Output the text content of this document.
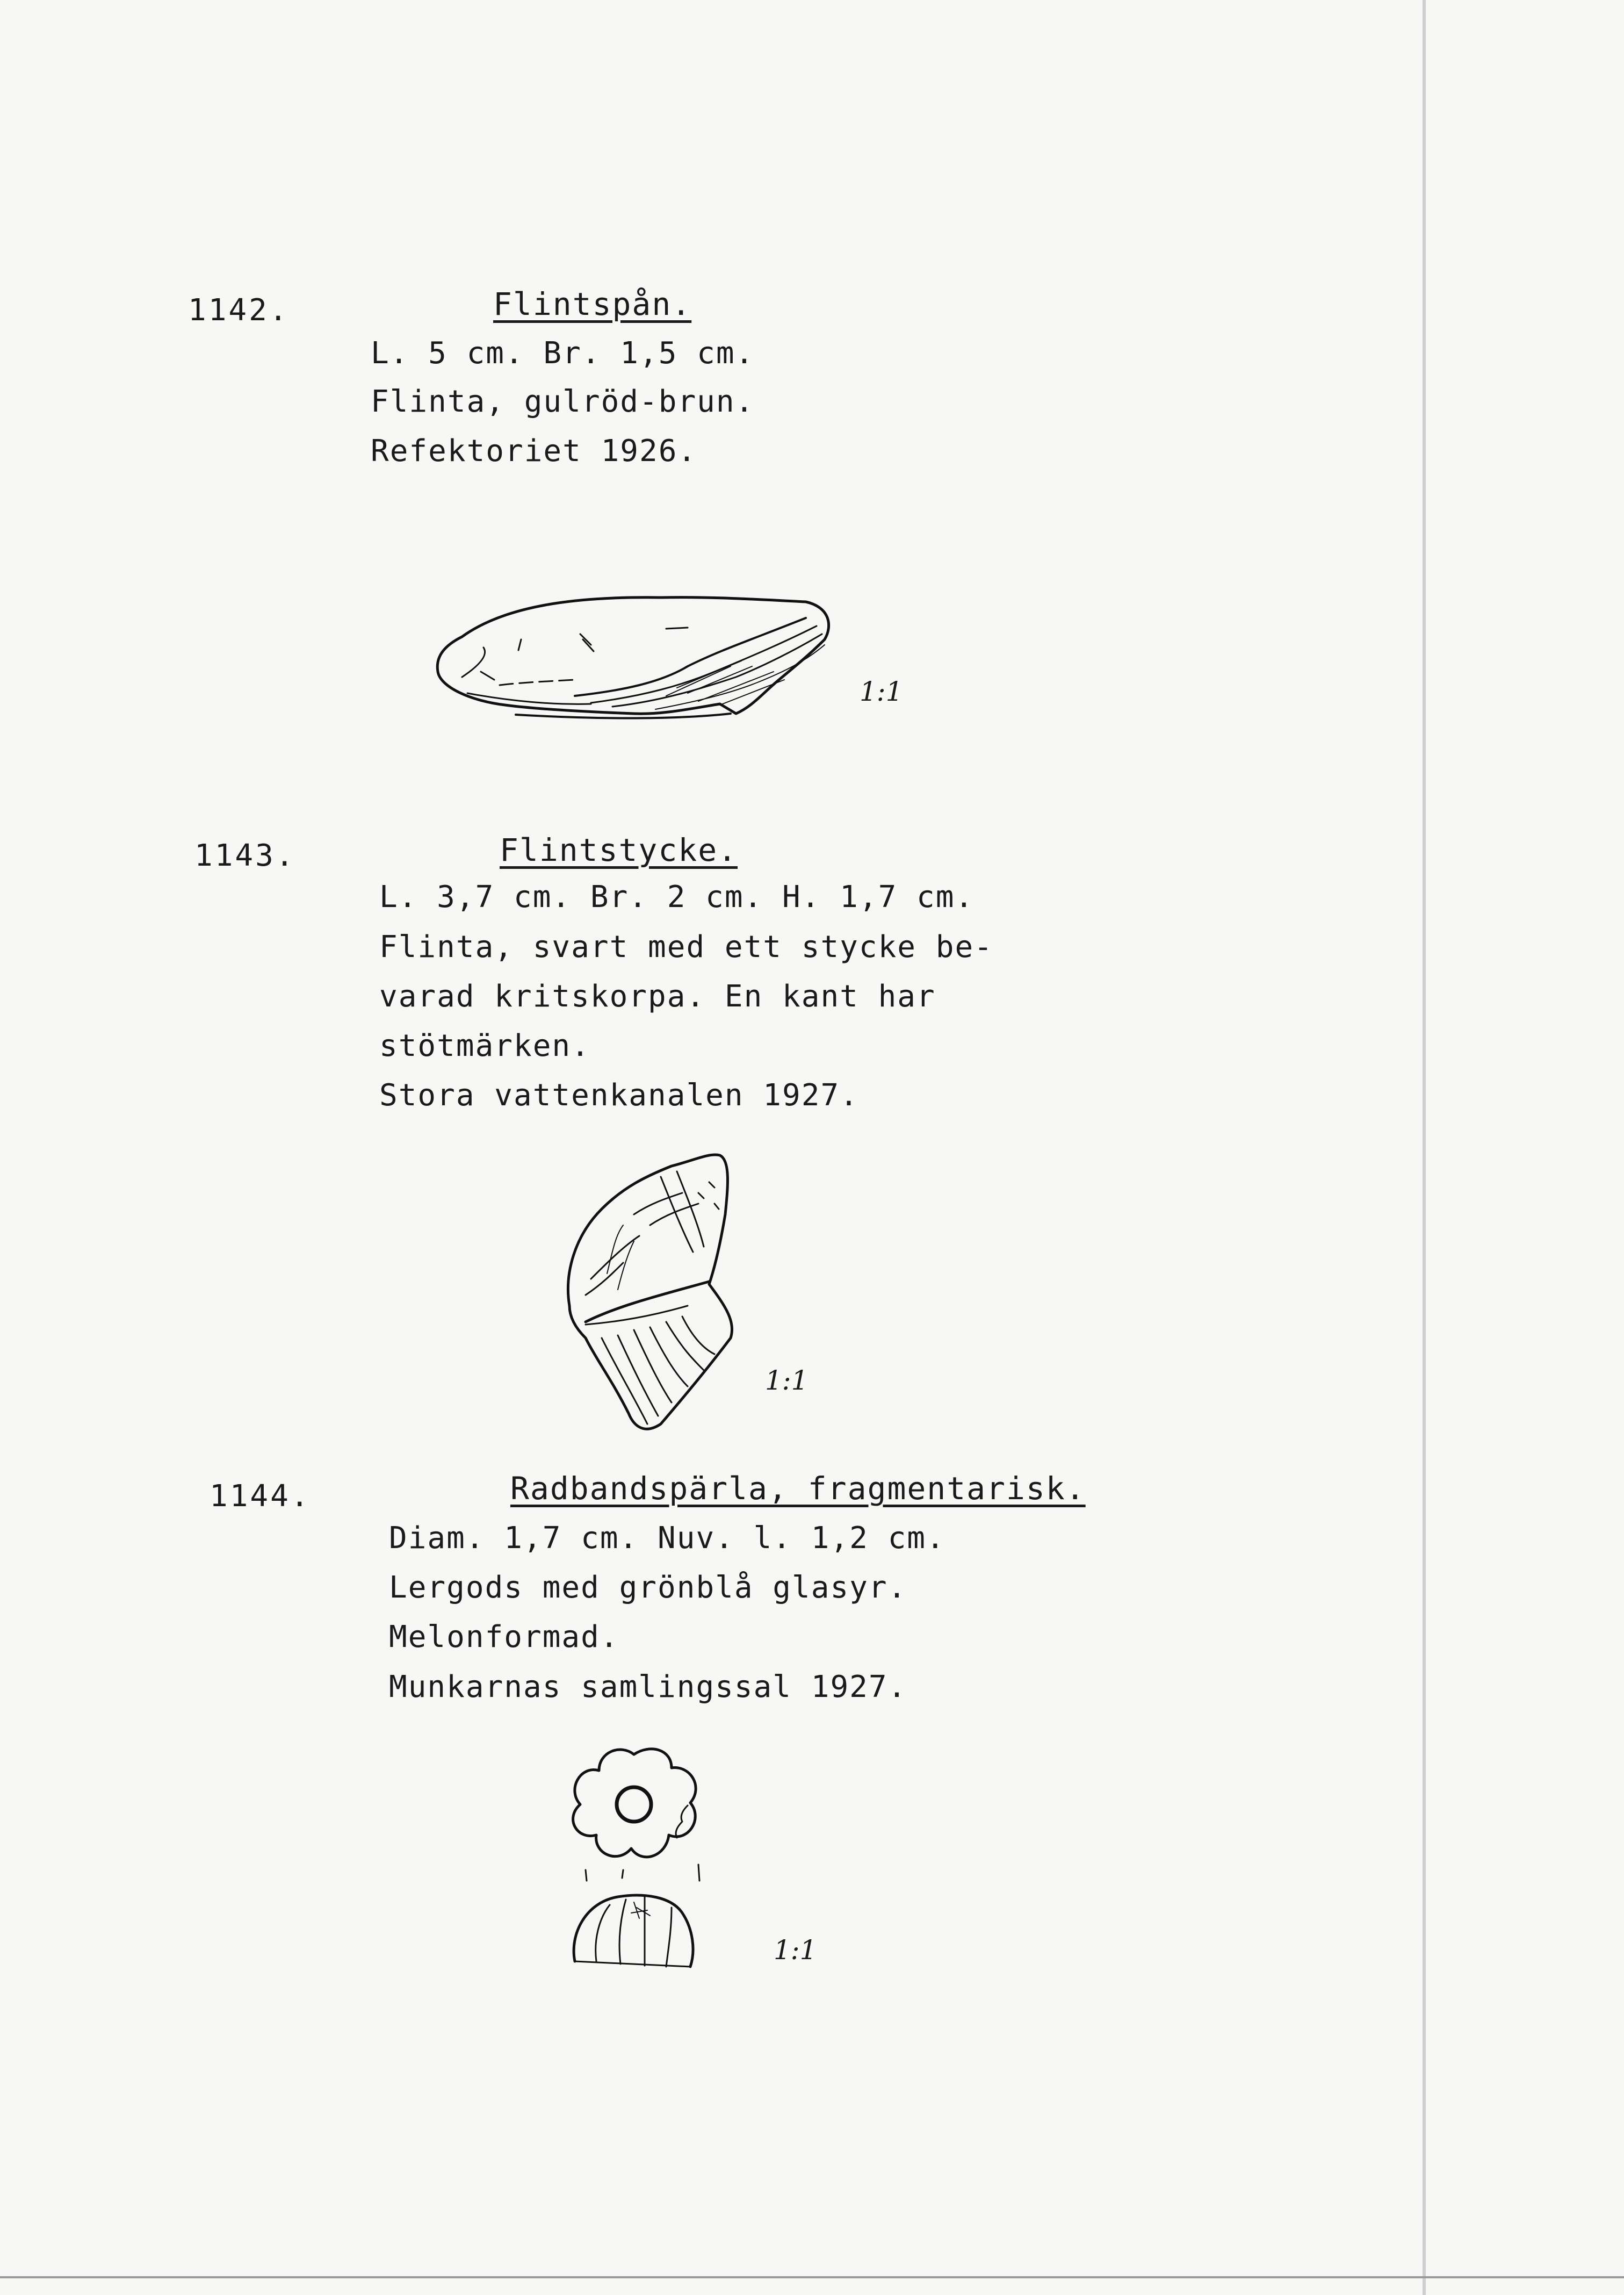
1142.	Flintspån.
L. 5 cm. Br. 1,5 cm.
Flinta, gulröd-brun.
Refektoriet 1926.
1:1
1143.	Flintstycke.
L. 3,7 cm. Br. 2 cm. H. 1,7 cm.
Flinta, svart med ett stycke be-
varad kritskorpa. En kant har
stötmärken.
Stora vattenkanalen 1927.
1:1
1144.	Radbandspärla, fragmentarisk.
Diam. 1,7 cm. Nuv. l. 1,2 cm.
Lergods med grönblå glasyr.
Melonformad.
Munkarnas samlingssal 1927.
1:1
